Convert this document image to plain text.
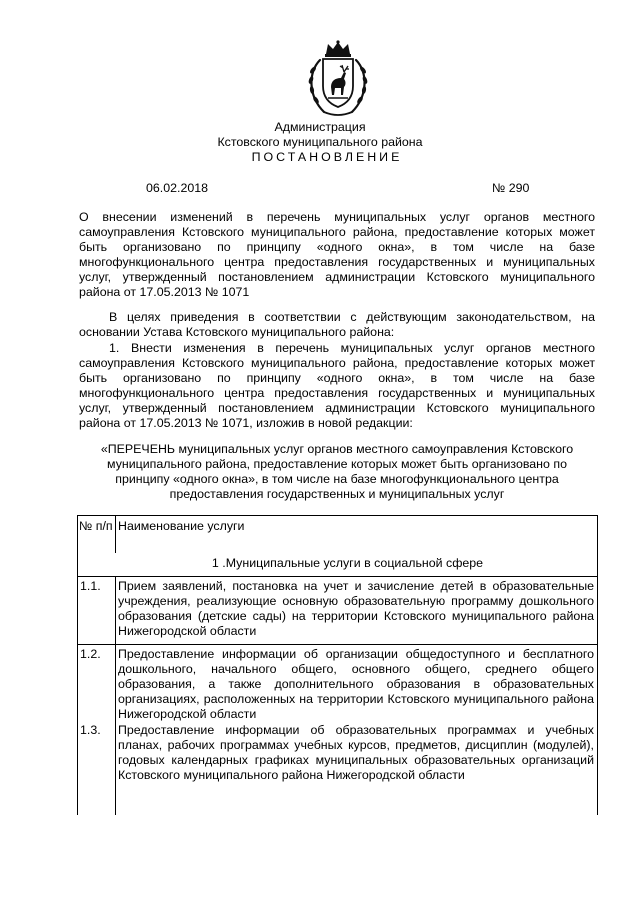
Администрация
Кстовского муниципального района
ПОСТАНОВЛЕНИЕ
06.02.2018	№ 290
О внесении изменений в перечень муниципальных услуг органов местного самоуправления Кстовского муниципального района, предоставление которых может быть организовано по принципу «одного окна», в том числе на базе многофункционального центра предоставления государственных и муниципальных услуг, утвержденный постановлением администрации Кстовского муниципального района от 17.05.2013 № 1071
В целях приведения в соответствии с действующим законодательством, на основании Устава Кстовского муниципального района:
1. Внести изменения в перечень муниципальных услуг органов местного самоуправления Кстовского муниципального района, предоставление которых может быть организовано по принципу «одного окна», в том числе на базе многофункционального центра предоставления государственных и муниципальных услуг, утвержденный постановлением администрации Кстовского муниципального района от 17.05.2013 № 1071, изложив в новой редакции:
«ПЕРЕЧЕНЬ муниципальных услуг органов местного самоуправления Кстовского муниципального района, предоставление которых может быть организовано по принципу «одного окна», в том числе на базе многофункционального центра предоставления государственных и муниципальных услуг
№ п/п Наименование услуги
1 .Муниципальные услуги в социальной сфере
1.1. Прием заявлений, постановка на учет и зачисление детей в образовательные учреждения, реализующие основную образовательную программу дошкольного образования (детские сады) на территории Кстовского муниципального района Нижегородской области
1.2. Предоставление информации об организации общедоступного и бесплатного дошкольного, начального общего, основного общего, среднего общего образования, а также дополнительного образования в образовательных организациях, расположенных на территории Кстовского муниципального района Нижегородской области
1.3. Предоставление информации об образовательных программах и учебных планах, рабочих программах учебных курсов, предметов, дисциплин (модулей), годовых календарных графиках муниципальных образовательных организаций Кстовского муниципального района Нижегородской области
